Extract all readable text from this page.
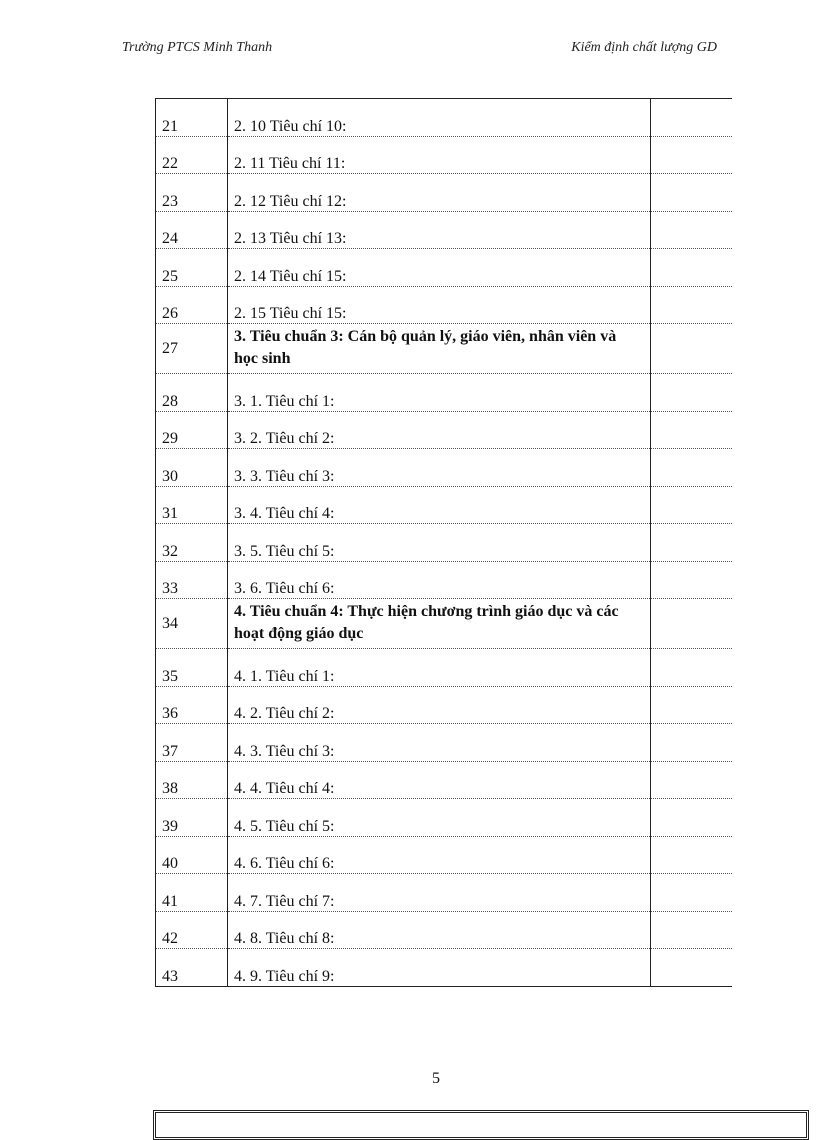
Trường PTCS Minh Thanh	Kiểm định chất lượng GD
21	2. 10 Tiêu chí 10:	
22	2. 11 Tiêu chí 11:	
23	2. 12 Tiêu chí 12:	
24	2. 13 Tiêu chí 13:	
25	2. 14 Tiêu chí 15:	
26	2. 15 Tiêu chí 15:	
27	3. Tiêu chuẩn 3: Cán bộ quản lý, giáo viên, nhân viên và học sinh	
28	3. 1. Tiêu chí 1:	
29	3. 2. Tiêu chí 2:	
30	3. 3. Tiêu chí 3:	
31	3. 4. Tiêu chí 4:	
32	3. 5. Tiêu chí 5:	
33	3. 6. Tiêu chí 6:	
34	4. Tiêu chuẩn 4: Thực hiện chương trình giáo dục và các hoạt động giáo dục	
35	4. 1. Tiêu chí 1:	
36	4. 2. Tiêu chí 2:	
37	4. 3. Tiêu chí 3:	
38	4. 4. Tiêu chí 4:	
39	4. 5. Tiêu chí 5:	
40	4. 6. Tiêu chí 6:	
41	4. 7. Tiêu chí 7:	
42	4. 8. Tiêu chí 8:	
43	4. 9. Tiêu chí 9:	
5
